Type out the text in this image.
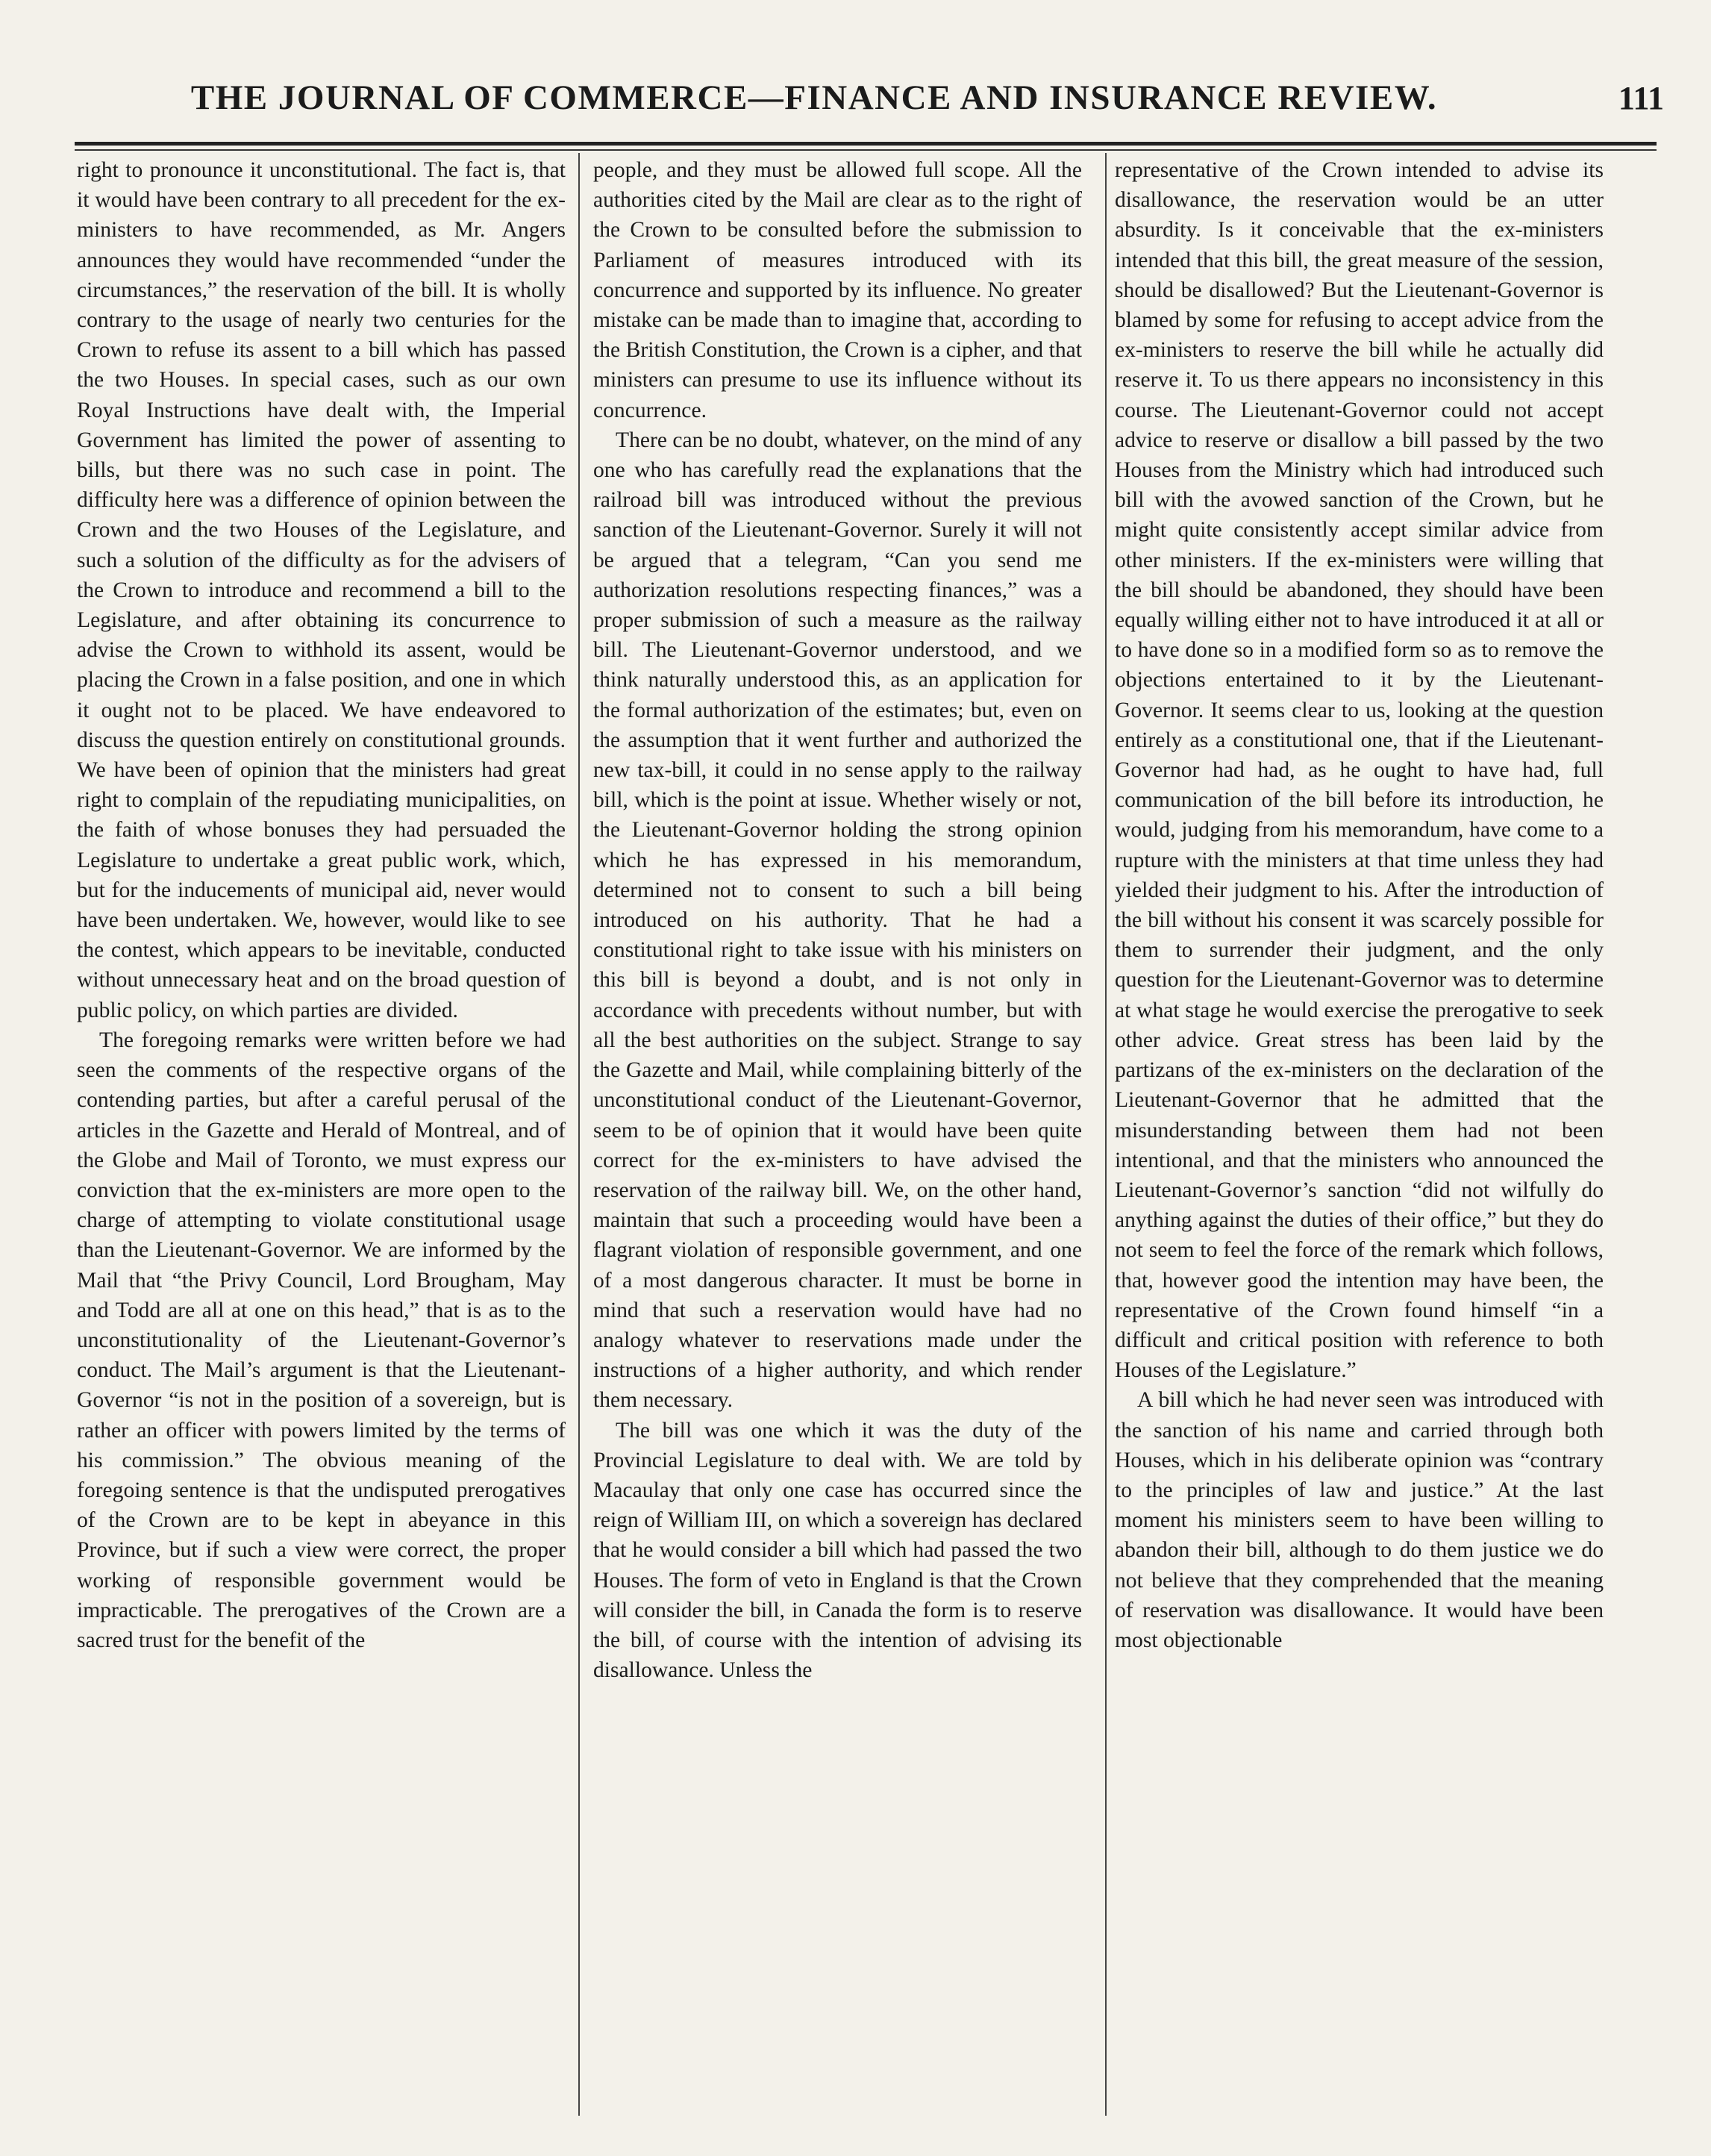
THE JOURNAL OF COMMERCE—FINANCE AND INSURANCE REVIEW.	111

right to pronounce it unconstitutional. The fact is, that it would have been contrary to all precedent for the ex-ministers to have recommended, as Mr. Angers announces they would have recommended “under the circumstances,” the reservation of the bill. It is wholly contrary to the usage of nearly two centuries for the Crown to refuse its assent to a bill which has passed the two Houses. In special cases, such as our own Royal Instructions have dealt with, the Imperial Government has limited the power of assenting to bills, but there was no such case in point. The difficulty here was a difference of opinion between the Crown and the two Houses of the Legislature, and such a solution of the difficulty as for the advisers of the Crown to introduce and recommend a bill to the Legislature, and after obtaining its concurrence to advise the Crown to withhold its assent, would be placing the Crown in a false position, and one in which it ought not to be placed. We have endeavored to discuss the question entirely on constitutional grounds. We have been of opinion that the ministers had great right to complain of the repudiating municipalities, on the faith of whose bonuses they had persuaded the Legislature to undertake a great public work, which, but for the inducements of municipal aid, never would have been undertaken. We, however, would like to see the contest, which appears to be inevitable, conducted without unnecessary heat and on the broad question of public policy, on which parties are divided.

The foregoing remarks were written before we had seen the comments of the respective organs of the contending parties, but after a careful perusal of the articles in the Gazette and Herald of Montreal, and of the Globe and Mail of Toronto, we must express our conviction that the ex-ministers are more open to the charge of attempting to violate constitutional usage than the Lieutenant-Governor. We are informed by the Mail that “the Privy Council, Lord Brougham, May and Todd are all at one on this head,” that is as to the unconstitutionality of the Lieutenant-Governor’s conduct. The Mail’s argument is that the Lieutenant-Governor “is not in the position of a sovereign, but is rather an officer with powers limited by the terms of his commission.” The obvious meaning of the foregoing sentence is that the undisputed prerogatives of the Crown are to be kept in abeyance in this Province, but if such a view were correct, the proper working of responsible government would be impracticable. The prerogatives of the Crown are a sacred trust for the benefit of the

people, and they must be allowed full scope. All the authorities cited by the Mail are clear as to the right of the Crown to be consulted before the submission to Parliament of measures introduced with its concurrence and supported by its influence. No greater mistake can be made than to imagine that, according to the British Constitution, the Crown is a cipher, and that ministers can presume to use its influence without its concurrence.

There can be no doubt, whatever, on the mind of any one who has carefully read the explanations that the railroad bill was introduced without the previous sanction of the Lieutenant-Governor. Surely it will not be argued that a telegram, “Can you send me authorization resolutions respecting finances,” was a proper submission of such a measure as the railway bill. The Lieutenant-Governor understood, and we think naturally understood this, as an application for the formal authorization of the estimates; but, even on the assumption that it went further and authorized the new tax-bill, it could in no sense apply to the railway bill, which is the point at issue. Whether wisely or not, the Lieutenant-Governor holding the strong opinion which he has expressed in his memorandum, determined not to consent to such a bill being introduced on his authority. That he had a constitutional right to take issue with his ministers on this bill is beyond a doubt, and is not only in accordance with precedents without number, but with all the best authorities on the subject. Strange to say the Gazette and Mail, while complaining bitterly of the unconstitutional conduct of the Lieutenant-Governor, seem to be of opinion that it would have been quite correct for the ex-ministers to have advised the reservation of the railway bill. We, on the other hand, maintain that such a proceeding would have been a flagrant violation of responsible government, and one of a most dangerous character. It must be borne in mind that such a reservation would have had no analogy whatever to reservations made under the instructions of a higher authority, and which render them necessary.

The bill was one which it was the duty of the Provincial Legislature to deal with. We are told by Macaulay that only one case has occurred since the reign of William III, on which a sovereign has declared that he would consider a bill which had passed the two Houses. The form of veto in England is that the Crown will consider the bill, in Canada the form is to reserve the bill, of course with the intention of advising its disallowance. Unless the

representative of the Crown intended to advise its disallowance, the reservation would be an utter absurdity. Is it conceivable that the ex-ministers intended that this bill, the great measure of the session, should be disallowed? But the Lieutenant-Governor is blamed by some for refusing to accept advice from the ex-ministers to reserve the bill while he actually did reserve it. To us there appears no inconsistency in this course. The Lieutenant-Governor could not accept advice to reserve or disallow a bill passed by the two Houses from the Ministry which had introduced such bill with the avowed sanction of the Crown, but he might quite consistently accept similar advice from other ministers. If the ex-ministers were willing that the bill should be abandoned, they should have been equally willing either not to have introduced it at all or to have done so in a modified form so as to remove the objections entertained to it by the Lieutenant-Governor. It seems clear to us, looking at the question entirely as a constitutional one, that if the Lieutenant-Governor had had, as he ought to have had, full communication of the bill before its introduction, he would, judging from his memorandum, have come to a rupture with the ministers at that time unless they had yielded their judgment to his. After the introduction of the bill without his consent it was scarcely possible for them to surrender their judgment, and the only question for the Lieutenant-Governor was to determine at what stage he would exercise the prerogative to seek other advice. Great stress has been laid by the partizans of the ex-ministers on the declaration of the Lieutenant-Governor that he admitted that the misunderstanding between them had not been intentional, and that the ministers who announced the Lieutenant-Governor’s sanction “did not wilfully do anything against the duties of their office,” but they do not seem to feel the force of the remark which follows, that, however good the intention may have been, the representative of the Crown found himself “in a difficult and critical position with reference to both Houses of the Legislature.”

A bill which he had never seen was introduced with the sanction of his name and carried through both Houses, which in his deliberate opinion was “contrary to the principles of law and justice.” At the last moment his ministers seem to have been willing to abandon their bill, although to do them justice we do not believe that they comprehended that the meaning of reservation was disallowance. It would have been most objectionable
